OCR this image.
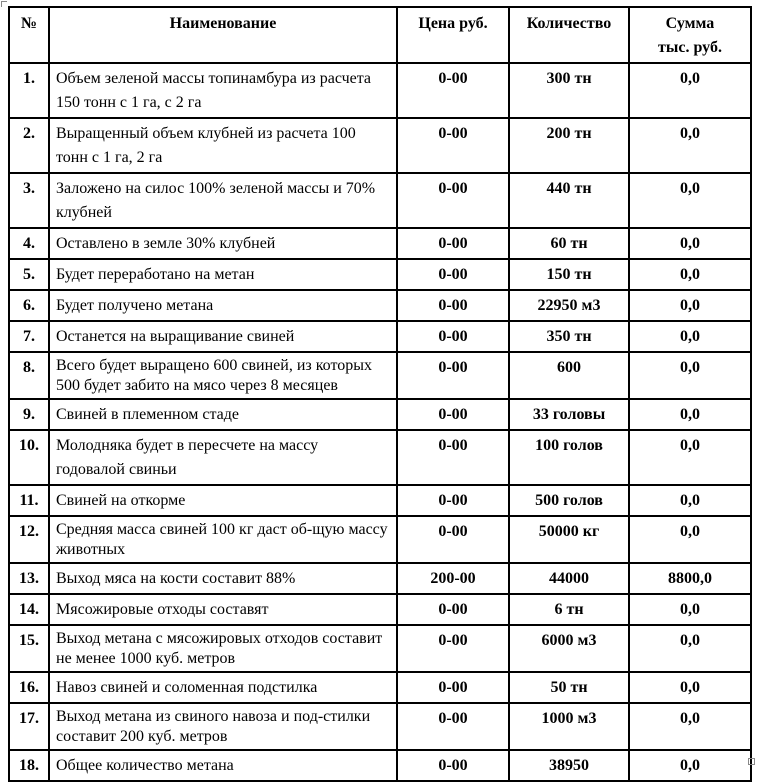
№	Наименование	Цена руб.	Количество	Сумма
тыс. руб.
1.	Объем зеленой массы топинамбура из расчета 150 тонн с 1 га, с 2 га	0-00	300 тн	0,0
2.	Выращенный объем клубней из расчета 100 тонн с 1 га, 2 га	0-00	200 тн	0,0
3.	Заложено на силос 100% зеленой массы и 70% клубней	0-00	440 тн	0,0
4.	Оставлено в земле 30% клубней	0-00	60 тн	0,0
5.	Будет переработано на метан	0-00	150 тн	0,0
6.	Будет получено метана	0-00	22950 м3	0,0
7.	Останется на выращивание свиней	0-00	350 тн	0,0
8.	Всего будет выращено 600 свиней, из которых 500 будет забито на мясо через 8 месяцев	0-00	600	0,0
9.	Свиней в племенном стаде	0-00	33 головы	0,0
10.	Молодняка будет в пересчете на массу годовалой свиньи	0-00	100 голов	0,0
11.	Свиней на откорме	0-00	500 голов	0,0
12.	Средняя масса свиней 100 кг даст об-щую массу животных	0-00	50000 кг	0,0
13.	Выход мяса на кости составит 88%	200-00	44000	8800,0
14.	Мясожировые отходы составят	0-00	6 тн	0,0
15.	Выход метана с мясожировых отходов составит не менее 1000 куб. метров	0-00	6000 м3	0,0
16.	Навоз свиней и соломенная подстилка	0-00	50 тн	0,0
17.	Выход метана из свиного навоза и под-стилки составит 200 куб. метров	0-00	1000 м3	0,0
18.	Общее количество метана	0-00	38950	0,0
